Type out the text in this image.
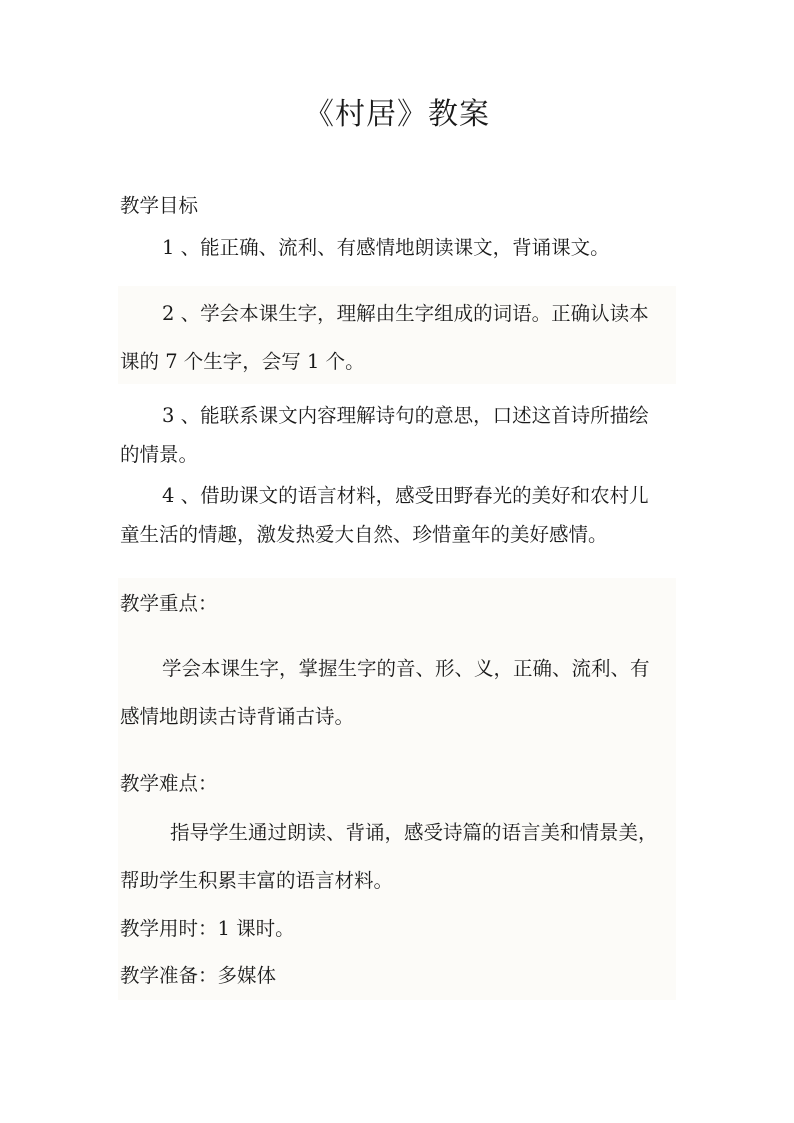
《村居》教案
教学目标
1 、能正确、流利、有感情地朗读课文，背诵课文。
2 、学会本课生字，理解由生字组成的词语。正确认读本
课的 7 个生字，会写 1 个。
3 、能联系课文内容理解诗句的意思，口述这首诗所描绘
的情景。
4 、借助课文的语言材料，感受田野春光的美好和农村儿
童生活的情趣，激发热爱大自然、珍惜童年的美好感情。
教学重点：
学会本课生字，掌握生字的音、形、义，正确、流利、有
感情地朗读古诗背诵古诗。
教学难点：
指导学生通过朗读、背诵，感受诗篇的语言美和情景美，
帮助学生积累丰富的语言材料。
教学用时：1 课时。
教学准备：多媒体
